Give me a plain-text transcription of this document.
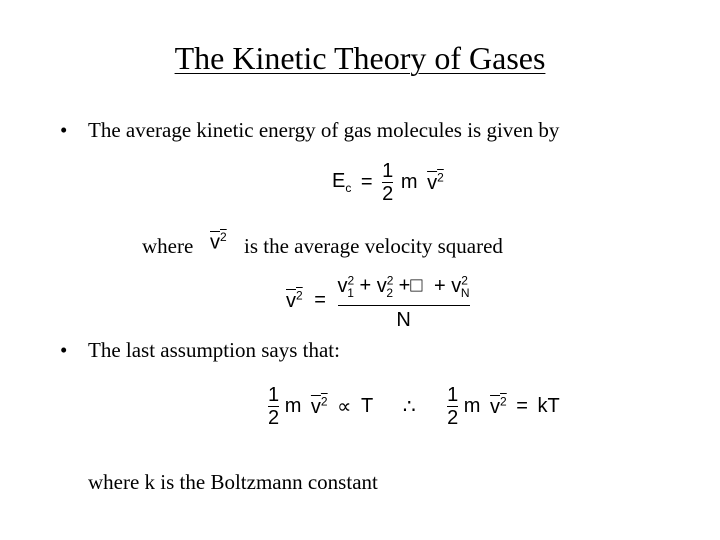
The Kinetic Theory of Gases
• The average kinetic energy of gas molecules is given by
$E_c = \frac{1}{2}$ m $v^2$
where $v^2$ is the average velocity squared
$v^2 = \frac{v^2_1 + v^2_2 +□ + v^2_N}{N}$
• The last assumption says that:
$\frac{1}{2}$ m $v^2 \propto T$ ∴ $\frac{1}{2}$ m $v^2$ = kT
where k is the Boltzmann constant
